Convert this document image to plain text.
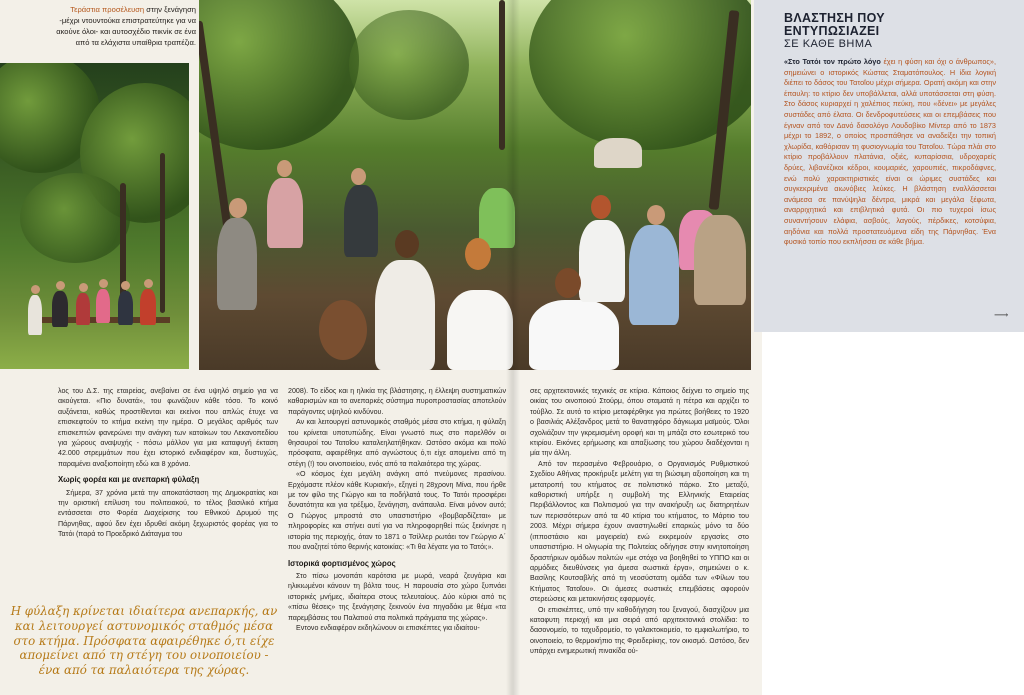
Τεράστια προσέλευση στην ξενάγηση -μέχρι ντουντούκα επιστρατεύτηκε για να ακούνε όλοι- και αυτοσχέδιο πικνίκ σε ένα από τα ελάχιστα υπαίθρια τραπέζια.
ΒΛΑΣΤΗΣΗ ΠΟΥ
ΕΝΤΥΠΩΣΙΑΖΕΙ
ΣΕ ΚΑΘΕ ΒΗΜΑ
«Στο Τατόι τον πρώτο λόγο έχει η φύση και όχι ο άνθρωπος», σημειώνει ο ιστορικός Κώστας Σταματόπουλος. Η ίδια λογική διέπει το δάσος του Τατοΐου μέχρι σήμερα. Ορατή ακόμη και στην έπαυλη: το κτίριο δεν υποβάλλεται, αλλά υποτάσσεται στη φύση. Στο δάσος κυριαρχεί η χαλέπιος πεύκη, που «δένει» με μεγάλες συστάδες από έλατα. Οι δενδροφυτεύσεις και οι επεμβάσεις που έγιναν από τον Δανό δασολόγο Λουδοβίκο Μίντερ από το 1873 μέχρι το 1892, ο οποίος προσπάθησε να αναδείξει την τοπική χλωρίδα, καθόρισαν τη φυσιογνωμία του Τατοΐου. Τώρα πλάι στο κτίριο προβάλλουν πλατάνια, οξιές, κυπαρίσσια, υδροχαρείς δρύες, λιβανέζικοι κέδροι, κουμαριές, χαρουπιές, πικροδάφνες, ενώ πολύ χαρακτηριστικές είναι οι ώριμες συστάδες και συγκεκριμένα αιωνόβιες λεύκες. Η βλάστηση εναλλάσσεται ανάμεσα σε πανύψηλα δέντρα, μικρά και μεγάλα ξέφωτα, αναρριχητικά και επιβλητικά φυτά. Οι πιο τυχεροί ίσως συναντήσουν ελάφια, ασβούς, λαγούς, πέρδικες, κοτσύφια, αηδόνια και πολλά προστατευόμενα είδη της Πάρνηθας. Ένα φυσικό τοπίο που εκπλήσσει σε κάθε βήμα.
⟶

λος του Δ.Σ. της εταιρείας, ανεβαίνει σε ένα υψηλό σημείο για να ακούγεται. «Πιο δυνατά», του φωνάζουν κάθε τόσο. Το κοινό αυξάνεται, καθώς προστίθενται και εκείνοι που απλώς έτυχε να επισκεφτούν το κτήμα εκείνη την ημέρα. Ο μεγάλος αριθμός των επισκεπτών φανερώνει την ανάγκη των κατοίκων του Λεκανοπεδίου για χώρους αναψυχής - πόσω μάλλον για μια καταφυγή έκταση 42.000 στρεμμάτων που έχει ιστορικό ενδιαφέρον και, δυστυχώς, παραμένει αναξιοποίητη εδώ και 8 χρόνια.

Χωρίς φορέα και με ανεπαρκή φύλαξη

Σήμερα, 37 χρόνια μετά την αποκατάσταση της Δημοκρατίας και την οριστική επίλυση του πολιτειακού, το τέλος βασιλικό κτήμα εντάσσεται στο Φορέα Διαχείρισης του Εθνικού Δρυμού της Πάρνηθας, αφού δεν έχει ιδρυθεί ακόμη ξεχωριστός φορέας για το Τατόι (παρά το Προεδρικό Διάταγμα του

Η φύλαξη κρίνεται ιδιαίτερα ανεπαρκής, αν και λειτουργεί αστυνομικός σταθμός μέσα στο κτήμα. Πρόσφατα αφαιρέθηκε ό,τι είχε απομείνει από τη στέγη του οινοποιείου - ένα από τα παλαιότερα της χώρας.

2008). Το είδος και η ηλικία της βλάστησης, η έλλειψη συστηματικών καθαρισμών και το ανεπαρκές σύστημα πυροπροστασίας αποτελούν παράγοντες υψηλού κινδύνου.

Αν και λειτουργεί αστυνομικός σταθμός μέσα στο κτήμα, η φύλαξη του κρίνεται υποτυπώδης. Είναι γνωστό πως στο παρελθόν οι θησαυροί του Τατοΐου καταλεηλατήθηκαν. Ωστόσο ακόμα και πολύ πρόσφατα, αφαιρέθηκε από αγνώστους ό,τι είχε απομείνει από τη στέγη (!) του οινοποιείου, ενός από τα παλαιότερα της χώρας.

«Ο κόσμος έχει μεγάλη ανάγκη από πνεύμονες πρασίνου. Ερχόμαστε πλέον κάθε Κυριακή», εξηγεί η 28χρονη Μίνα, που ήρθε με τον φίλο της Γιώργο και τα ποδήλατά τους. Το Τατόι προσφέρει δυνατότητα και για τρέξιμο, ξενάγηση, ανάπαυλα. Είναι μόνον αυτό; Ο Γιώργος μπροστά στο υπαστιστήριο «βομβαρδίζεται» με πληροφορίες και στήνει αυτί για να πληροφορηθεί πώς ξεκίνησε η ιστορία της περιοχής, όταν το 1871 ο Τσίλλερ ρωτάει τον Γεώργιο Α΄ που αναζητεί τόπο θερινής κατοικίας: «Τι θα λέγατε για το Τατόι;».

Ιστορικά φορτισμένος χώρος

Στο πίσω μονοπάτι καρότσια με μωρά, νεαρά ζευγάρια και ηλικιωμένοι κάνουν τη βόλτα τους. Η παρουσία στο χώρο ξυπνάει ιστορικές μνήμες, ιδιαίτερα στους τελευταίους. Δύο κύριοι από τις «πίσω θέσεις» της ξενάγησης ξεκινούν ένα πηγαδάκι με θέμα «τα παρεμβάσεις του Παλατιού στα πολιτικά πράγματα της χώρας».

Εντονο ενδιαφέρον εκδηλώνουν οι επισκέπτες για ιδιαίτου-

σες αρχιτεκτονικές τεχνικές σε κτίρια. Κάποιος δείχνει το σημείο της οικίας του οινοποιού Στούρμ, όπου σταματά η πέτρα και αρχίζει το τούβλο. Σε αυτό το κτίριο μεταφέρθηκε για πρώτες βοήθειες το 1920 ο βασιλιάς Αλέξανδρος μετά το θανατηφόρο δάγκωμα μαϊμούς. Όλοι σχολιάζουν την γκρεμισμένη οροφή και τη μπάζα στο εσωτερικό του κτιρίου. Εικόνες ερήμωσης και απαξίωσης του χώρου διαδέχονται η μία την άλλη.

Από τον περασμένο Φεβρουάριο, ο Οργανισμός Ρυθμιστικού Σχεδίου Αθήνας προκήρυξε μελέτη για τη βιώσιμη αξιοποίηση και τη μετατροπή του κτήματος σε πολιτιστικό πάρκο. Στο μεταξύ, καθοριστική υπήρξε η συμβολή της Ελληνικής Εταιρείας Περιβάλλοντος και Πολιτισμού για την ανακήρυξη ως διατηρητέων των περισσότερων από τα 40 κτίρια του κτήματος, το Μάρτιο του 2003. Μέχρι σήμερα έχουν αναστηλωθεί επαρκώς μόνο τα δύο (ιπποστάσιο και μαγειρεία) ενώ εκκρεμούν εργασίες στο υπαστιστήριο. Η ολιγωρία της Πολιτείας οδήγησε στην κινητοποίηση δραστήριων ομάδων πολιτών «με στόχο να βοηθηθεί το ΥΠΠΟ και οι αρμόδιες διευθύνσεις για άμεσα σωστικά έργα», σημειώνει ο κ. Βασίλης Κουτσαβλής από τη νεοσύστατη ομάδα των «Φίλων του Κτήματος Τατοΐου». Οι άμεσες σωστικές επεμβάσεις αφορούν στερεώσεις και μετακινήσεις εφαρμογές.

Οι επισκέπτες, υπό την καθοδήγηση του ξεναγού, διασχίζουν μια καταφυτη περιοχή και μια σειρά από αρχιτεκτονικά στολίδια: το δασονομείο, το ταχυδρομείο, το γαλακτοκομείο, το εμφιαλωτήριο, το οινοποιείο, το θερμοκήπιο της Φρειδερίκης, τον οικισμό. Ωστόσο, δεν υπάρχει ενημερωτική πινακίδα ού-
